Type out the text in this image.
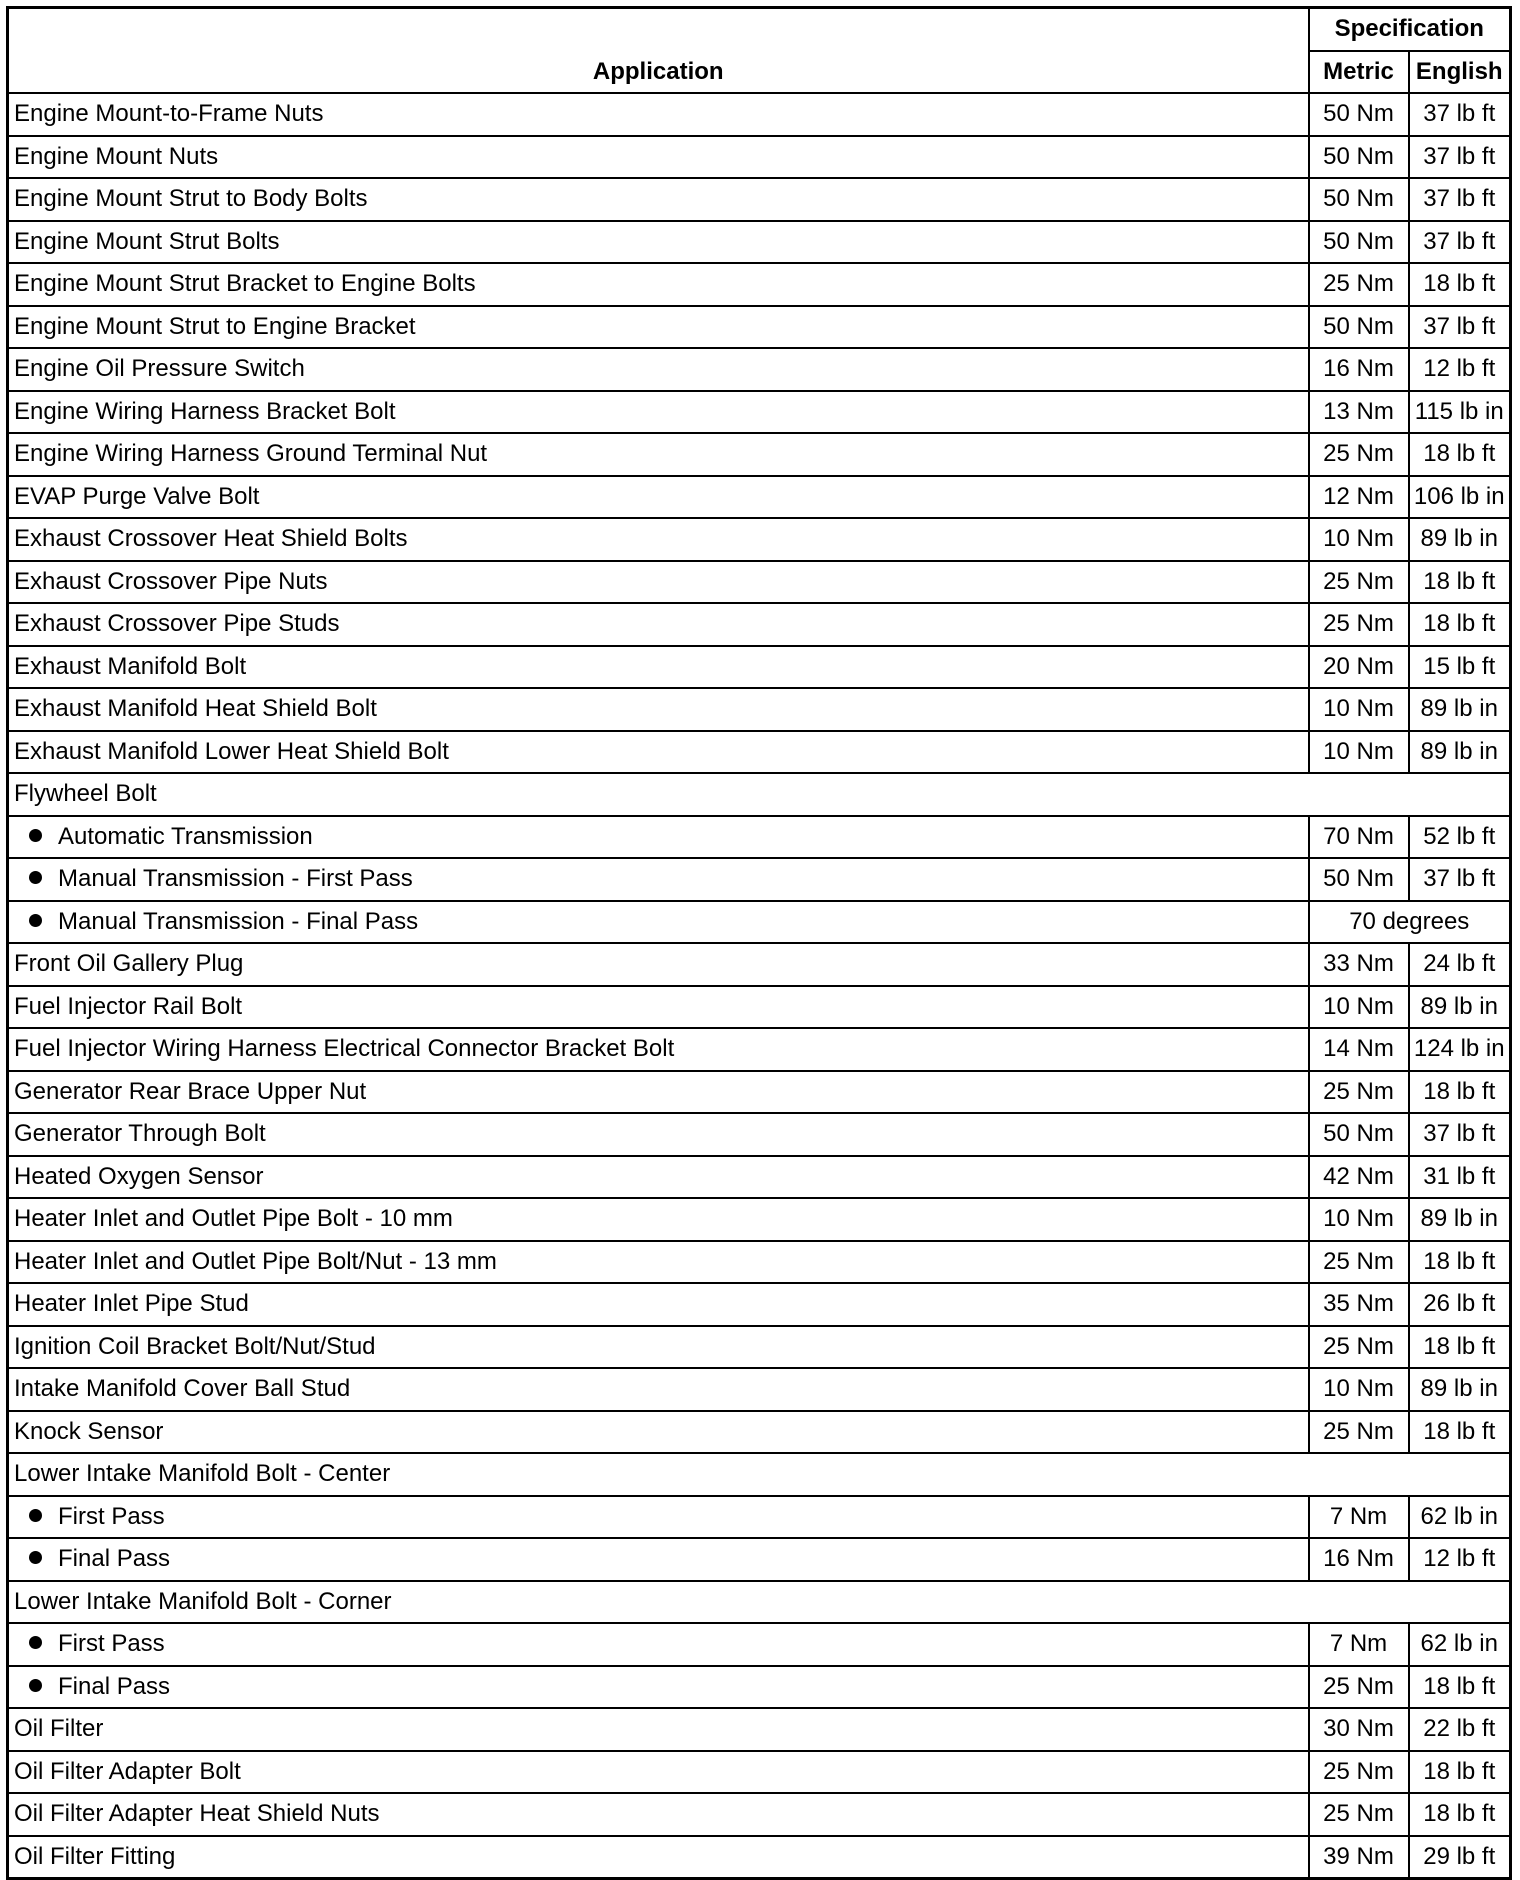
Application	Specification	
	Metric	English
Engine Mount-to-Frame Nuts	50 Nm	37 lb ft
Engine Mount Nuts	50 Nm	37 lb ft
Engine Mount Strut to Body Bolts	50 Nm	37 lb ft
Engine Mount Strut Bolts	50 Nm	37 lb ft
Engine Mount Strut Bracket to Engine Bolts	25 Nm	18 lb ft
Engine Mount Strut to Engine Bracket	50 Nm	37 lb ft
Engine Oil Pressure Switch	16 Nm	12 lb ft
Engine Wiring Harness Bracket Bolt	13 Nm	115 lb in
Engine Wiring Harness Ground Terminal Nut	25 Nm	18 lb ft
EVAP Purge Valve Bolt	12 Nm	106 lb in
Exhaust Crossover Heat Shield Bolts	10 Nm	89 lb in
Exhaust Crossover Pipe Nuts	25 Nm	18 lb ft
Exhaust Crossover Pipe Studs	25 Nm	18 lb ft
Exhaust Manifold Bolt	20 Nm	15 lb ft
Exhaust Manifold Heat Shield Bolt	10 Nm	89 lb in
Exhaust Manifold Lower Heat Shield Bolt	10 Nm	89 lb in
Flywheel Bolt		
Automatic Transmission	70 Nm	52 lb ft
Manual Transmission - First Pass	50 Nm	37 lb ft
Manual Transmission - Final Pass	70 degrees	
Front Oil Gallery Plug	33 Nm	24 lb ft
Fuel Injector Rail Bolt	10 Nm	89 lb in
Fuel Injector Wiring Harness Electrical Connector Bracket Bolt	14 Nm	124 lb in
Generator Rear Brace Upper Nut	25 Nm	18 lb ft
Generator Through Bolt	50 Nm	37 lb ft
Heated Oxygen Sensor	42 Nm	31 lb ft
Heater Inlet and Outlet Pipe Bolt - 10 mm	10 Nm	89 lb in
Heater Inlet and Outlet Pipe Bolt/Nut - 13 mm	25 Nm	18 lb ft
Heater Inlet Pipe Stud	35 Nm	26 lb ft
Ignition Coil Bracket Bolt/Nut/Stud	25 Nm	18 lb ft
Intake Manifold Cover Ball Stud	10 Nm	89 lb in
Knock Sensor	25 Nm	18 lb ft
Lower Intake Manifold Bolt - Center		
First Pass	7 Nm	62 lb in
Final Pass	16 Nm	12 lb ft
Lower Intake Manifold Bolt - Corner		
First Pass	7 Nm	62 lb in
Final Pass	25 Nm	18 lb ft
Oil Filter	30 Nm	22 lb ft
Oil Filter Adapter Bolt	25 Nm	18 lb ft
Oil Filter Adapter Heat Shield Nuts	25 Nm	18 lb ft
Oil Filter Fitting	39 Nm	29 lb ft
